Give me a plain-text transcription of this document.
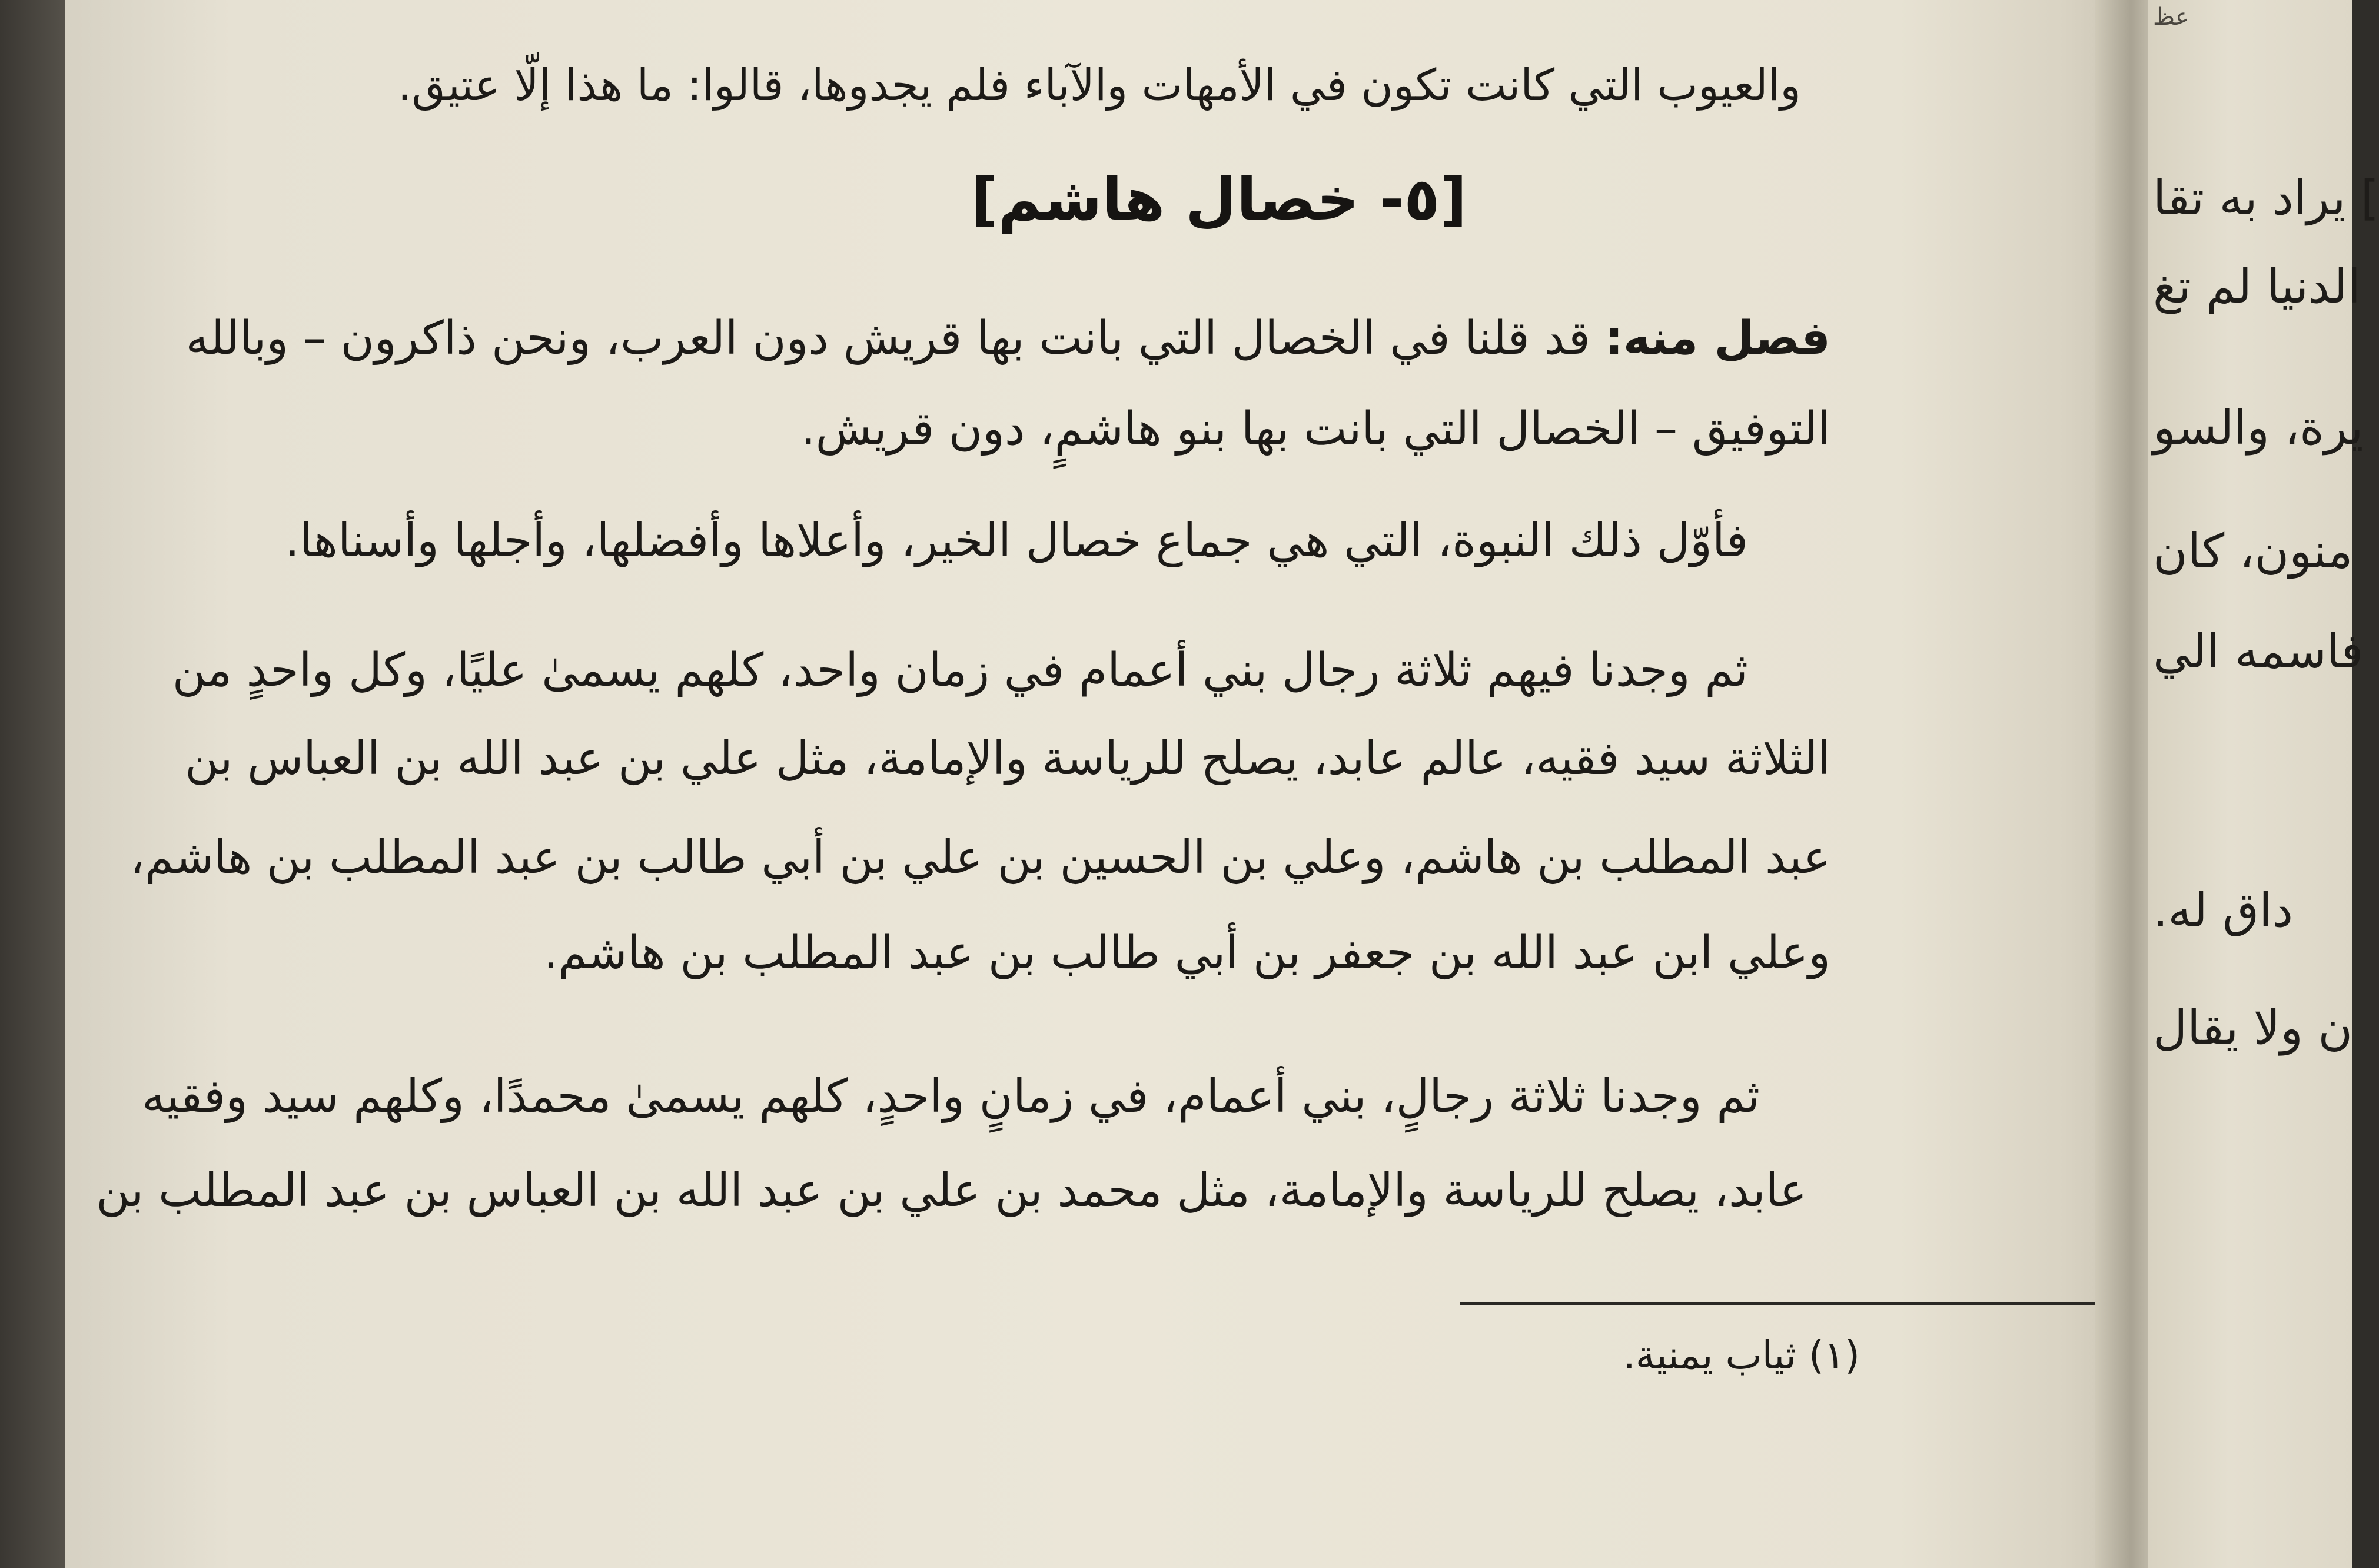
والعيوب التي كانت تكون في الأمهات والآباء فلم يجدوها، قالوا: ما هذا إلّا عتيق.
[٥- خصال هاشم]
فصل منه: قد قلنا في الخصال التي بانت بها قريش دون العرب، ونحن ذاكرون – وبالله
التوفيق – الخصال التي بانت بها بنو هاشمٍ، دون قريش.
فأوّل ذلك النبوة، التي هي جماع خصال الخير، وأعلاها وأفضلها، وأجلها وأسناها.
ثم وجدنا فيهم ثلاثة رجال بني أعمام في زمان واحد، كلهم يسمىٰ عليًا، وكل واحدٍ من
الثلاثة سيد فقيه، عالم عابد، يصلح للرياسة والإمامة، مثل علي بن عبد الله بن العباس بن
عبد المطلب بن هاشم، وعلي بن الحسين بن علي بن أبي طالب بن عبد المطلب بن هاشم،
وعلي ابن عبد الله بن جعفر بن أبي طالب بن عبد المطلب بن هاشم.
ثم وجدنا ثلاثة رجالٍ، بني أعمام، في زمانٍ واحدٍ، كلهم يسمىٰ محمدًا، وكلهم سيد وفقيه
عابد، يصلح للرياسة والإمامة، مثل محمد بن علي بن عبد الله بن العباس بن عبد المطلب بن
(١) ثياب يمنية.
عظ
] يراد به تقا
الدنيا لم تغ
يرة، والسو
منون، كان
فاسمه الي
داق له.
ن ولا يقال
